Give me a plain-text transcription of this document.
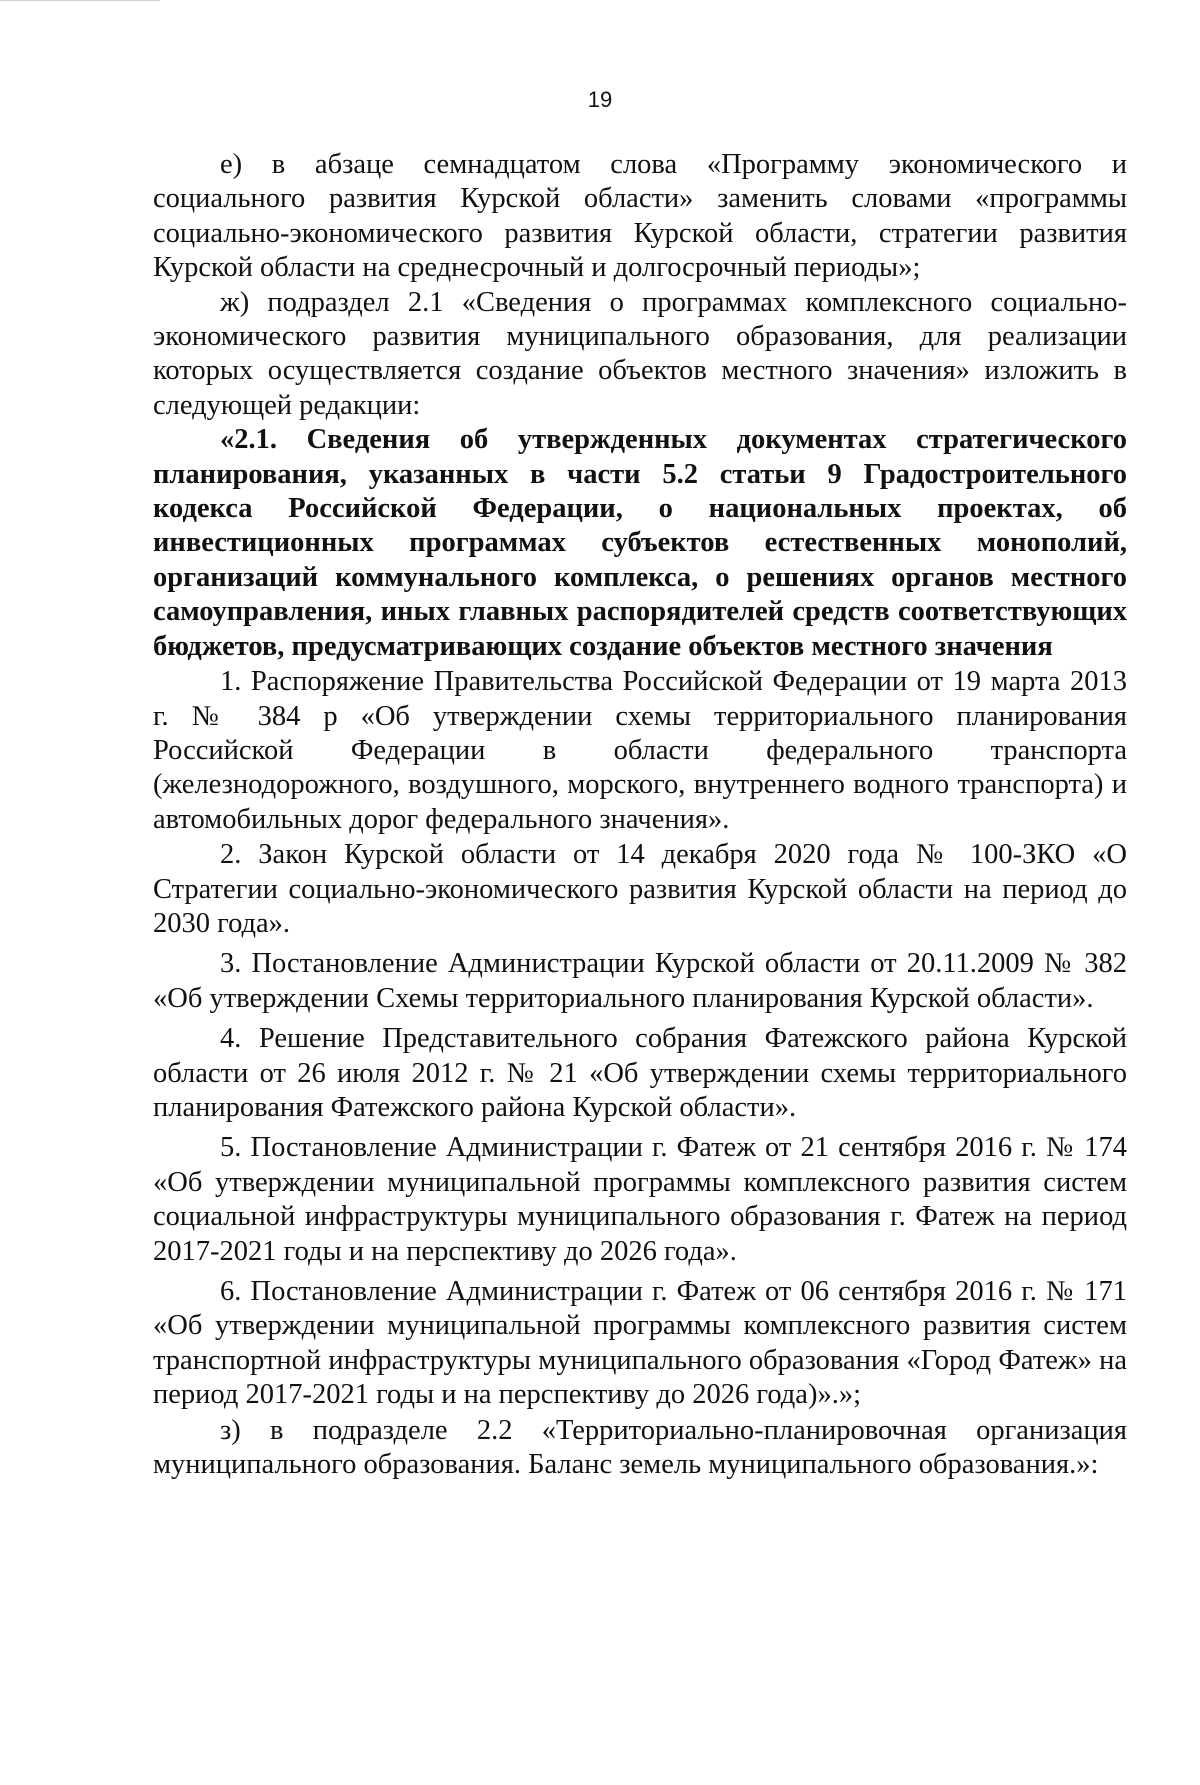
19

е) в абзаце семнадцатом слова «Программу экономического и социального развития Курской области» заменить словами «программы социально-экономического развития Курской области, стратегии развития Курской области на среднесрочный и долгосрочный периоды»;

ж) подраздел 2.1 «Сведения о программах комплексного социально-экономического развития муниципального образования, для реализации которых осуществляется создание объектов местного значения» изложить в следующей редакции:

«2.1. Сведения об утвержденных документах стратегического планирования, указанных в части 5.2 статьи 9 Градостроительного кодекса Российской Федерации, о национальных проектах, об инвестиционных программах субъектов естественных монополий, организаций коммунального комплекса, о решениях органов местного самоуправления, иных главных распорядителей средств соответствующих бюджетов, предусматривающих создание объектов местного значения

1. Распоряжение Правительства Российской Федерации от 19 марта 2013 г. № 384 р «Об утверждении схемы территориального планирования Российской Федерации в области федерального транспорта (железнодорожного, воздушного, морского, внутреннего водного транспорта) и автомобильных дорог федерального значения».

2. Закон Курской области от 14 декабря 2020 года № 100-ЗКО «О Стратегии социально-экономического развития Курской области на период до 2030 года».

3. Постановление Администрации Курской области от 20.11.2009 № 382 «Об утверждении Схемы территориального планирования Курской области».

4. Решение Представительного собрания Фатежского района Курской области от 26 июля 2012 г. № 21 «Об утверждении схемы территориального планирования Фатежского района Курской области».

5. Постановление Администрации г. Фатеж от 21 сентября 2016 г. № 174 «Об утверждении муниципальной программы комплексного развития систем социальной инфраструктуры муниципального образования г. Фатеж на период 2017-2021 годы и на перспективу до 2026 года».

6. Постановление Администрации г. Фатеж от 06 сентября 2016 г. № 171 «Об утверждении муниципальной программы комплексного развития систем транспортной инфраструктуры муниципального образования «Город Фатеж» на период 2017-2021 годы и на перспективу до 2026 года)».»;

з) в подразделе 2.2 «Территориально-планировочная организация муниципального образования. Баланс земель муниципального образования.»:
